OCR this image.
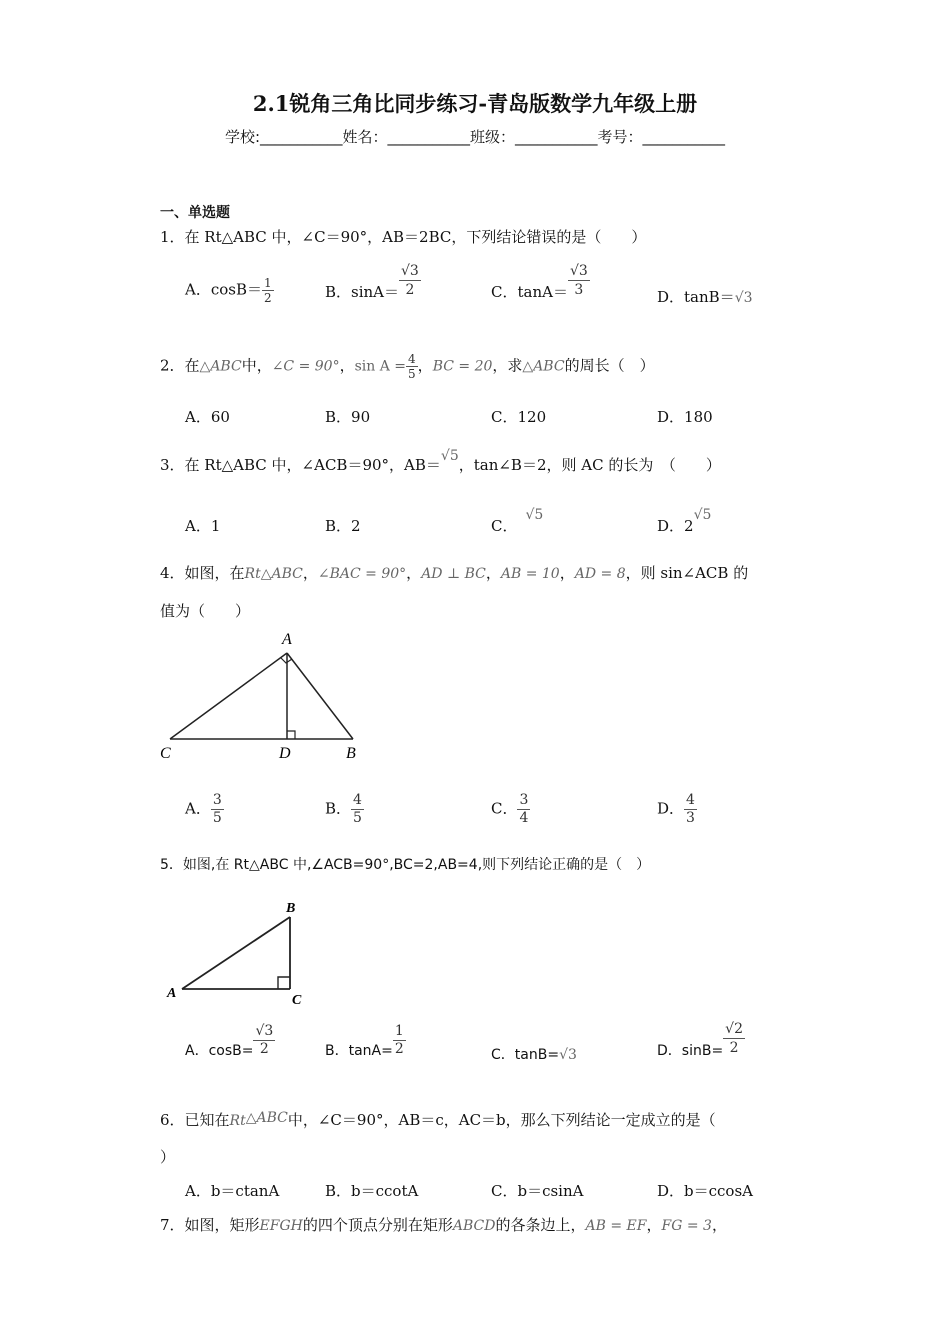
2.1锐角三角比同步练习-青岛版数学九年级上册
学校:___________姓名：___________班级：___________考号：___________
一、单选题
1．在 Rt△ABC 中，∠C＝90°，AB＝2BC，下列结论错误的是（　　）
A．$\cos B= \frac{1}{2}$	B．$\sin A= \frac{√3}{2}$	C．$\tan A= \frac{√3}{3}$	D．tanB＝√3
2．在△ABC中，∠C = 90°，$\sin A = \frac{4}{5}$ ，BC = 20，求△ABC的周长（　）
A．60	B．90	C．120	D．180
3．在 Rt△ABC 中，∠ACB＝90°，AB＝√5，tan∠B＝2，则 AC 的长为　（　　）
A．1	B．2	C．√5
D．2√5
4．如图，在Rt△ABC，∠BAC = 90°，AD ⊥ BC，AB = 10，AD = 8，则 sin∠ACB 的
值为（　　）
A
C	D	B
A． $\frac{3}{5}$	B． $\frac{4}{5}$	C． $\frac{3}{4}$	D． $\frac{4}{3}$
5．如图,在 Rt△ABC 中,∠ACB=90°,BC=2,AB=4,则下列结论正确的是（　）
B
A	C
A．$\cos B= \frac{√3}{2}$	B．$\tan A= \frac{1}{2}$	C．tanB=√3	D．$\sin B= \frac{√2}{2}$
6．已知在Rt△ABC中，∠C＝90°，AB＝c，AC＝b，那么下列结论一定成立的是（
）
A．b＝ctanA	B．b＝ccotA	C．b＝csinA	D．b＝ccosA
7．如图，矩形EFGH的四个顶点分别在矩形ABCD的各条边上，AB = EF，FG = 3，
